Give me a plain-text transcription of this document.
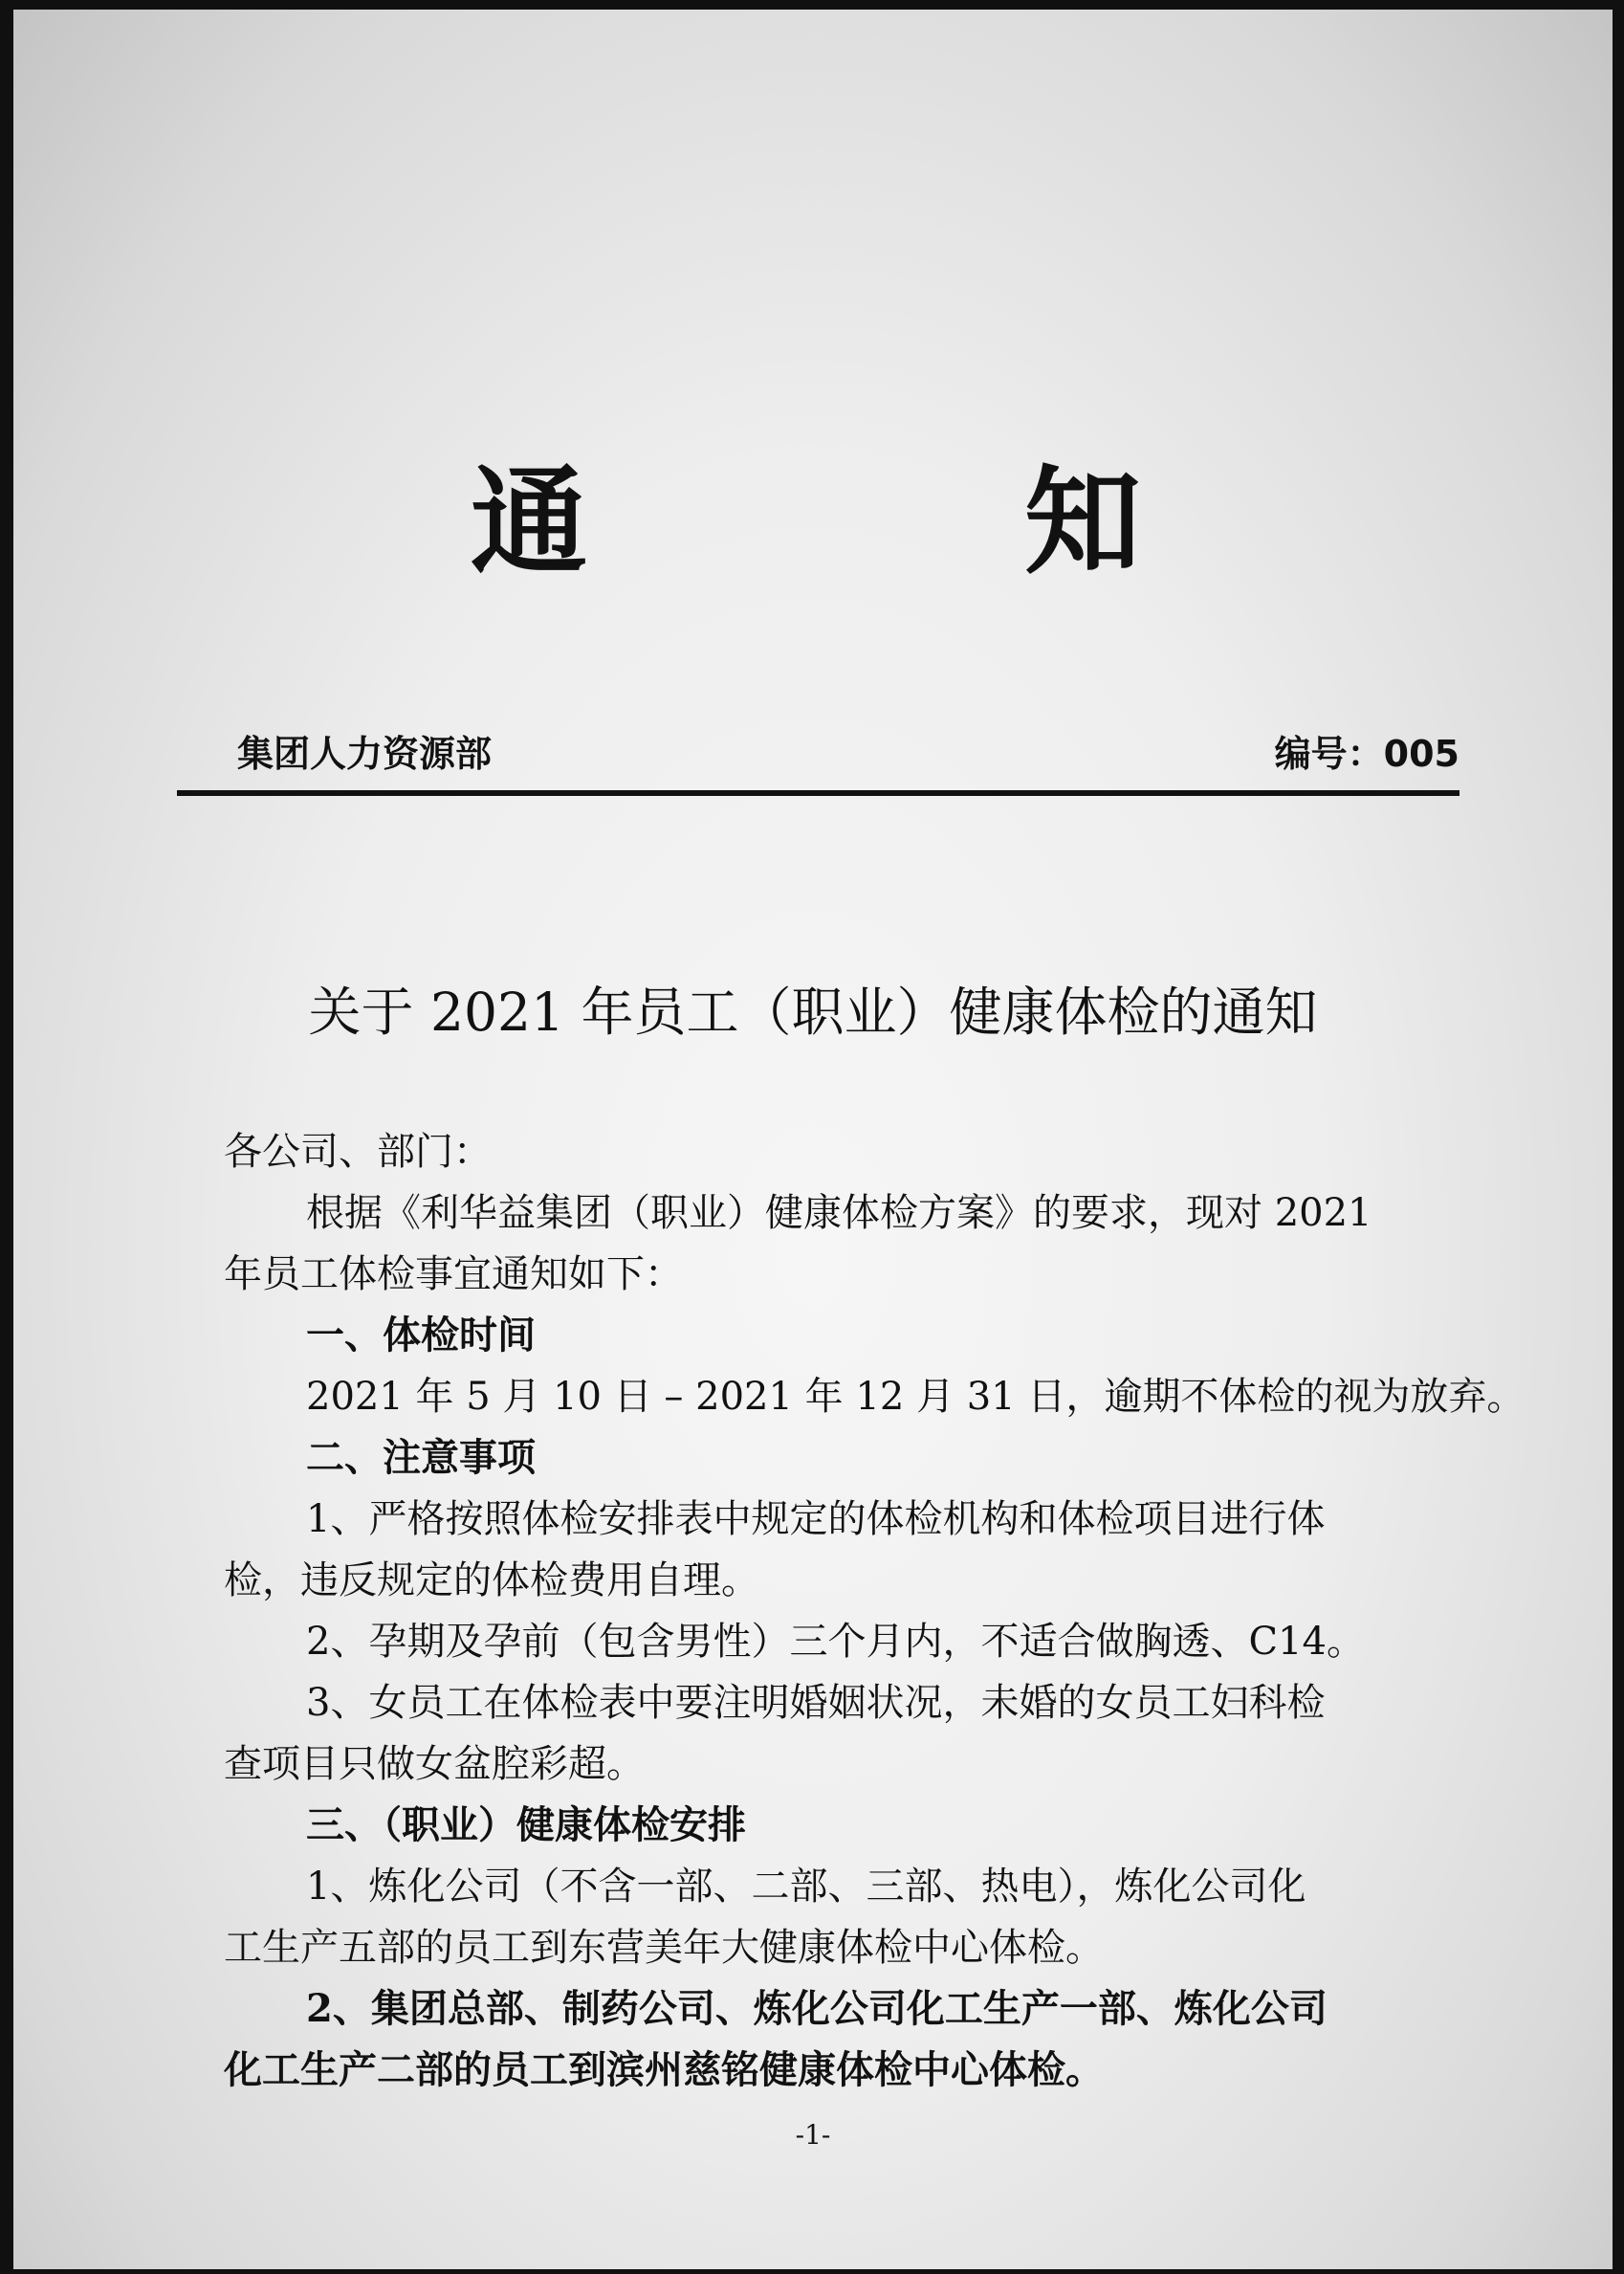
通	知
集团人力资源部	编号：005
关于 2021 年员工（职业）健康体检的通知

各公司、部门：

根据《利华益集团（职业）健康体检方案》的要求，现对 2021

年员工体检事宜通知如下：

一、体检时间

2021 年 5 月 10 日 – 2021 年 12 月 31 日，逾期不体检的视为放弃。

二、注意事项

1、严格按照体检安排表中规定的体检机构和体检项目进行体

检，违反规定的体检费用自理。

2、孕期及孕前（包含男性）三个月内，不适合做胸透、C14。

3、女员工在体检表中要注明婚姻状况，未婚的女员工妇科检

查项目只做女盆腔彩超。

三、（职业）健康体检安排

1、炼化公司（不含一部、二部、三部、热电），炼化公司化

工生产五部的员工到东营美年大健康体检中心体检。

2、集团总部、制药公司、炼化公司化工生产一部、炼化公司

化工生产二部的员工到滨州慈铭健康体检中心体检。

-1-
